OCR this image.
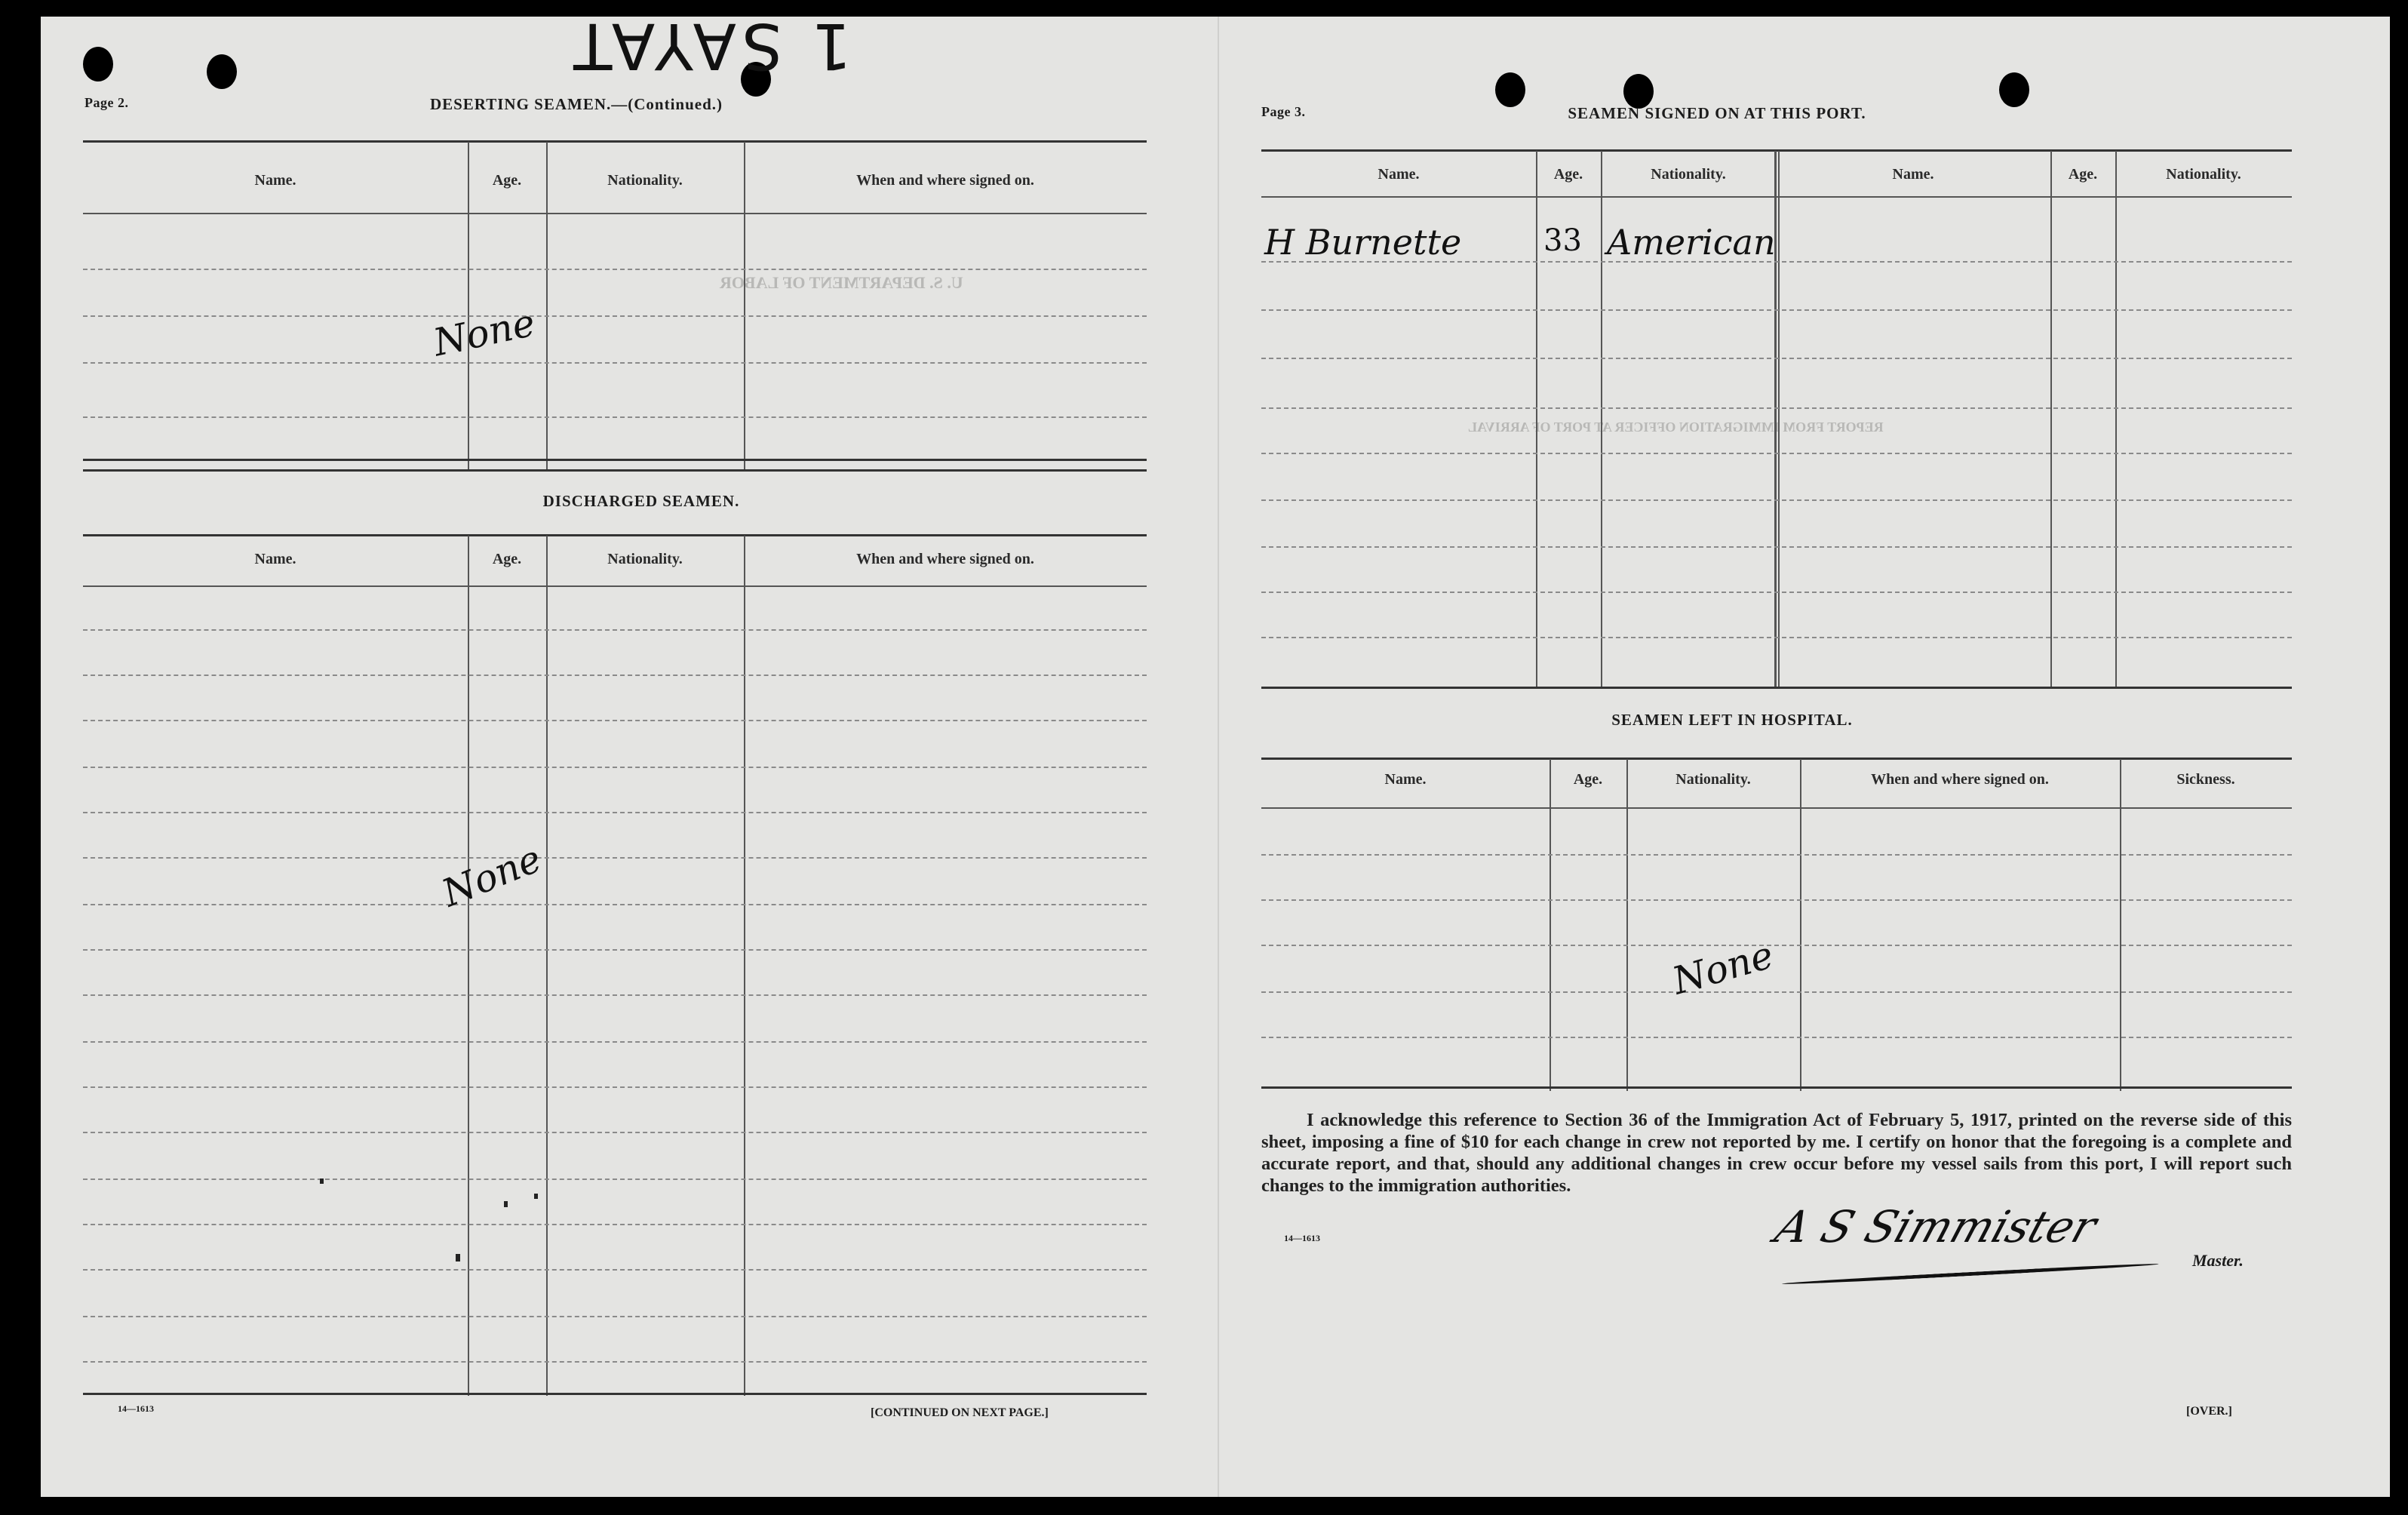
1 SAYAT
Page 2.	DESERTING SEAMEN.—(Continued.)
U. S. DEPARTMENT OF LABOR
Name.	Age.	Nationality.	When and where signed on.
None
DISCHARGED SEAMEN.
Name.	Age.	Nationality.	When and where signed on.
None
14—1613	[CONTINUED ON NEXT PAGE.]
Page 3.	SEAMEN SIGNED ON AT THIS PORT.
REPORT FROM IMMIGRATION OFFICER AT PORT OF ARRIVAL
Name.	Age.	Nationality.	Name.	Age.	Nationality.
H Burnette	33 American
SEAMEN LEFT IN HOSPITAL.
Name.	Age.	Nationality.	When and where signed on.	Sickness.
None
I acknowledge this reference to Section 36 of the Immigration Act of February 5, 1917, printed on the reverse side of this sheet, imposing a fine of $10 for each change in crew not reported by me. I certify on honor that the foregoing is a complete and accurate report, and that, should any additional changes in crew occur before my vessel sails from this port, I will report such changes to the immigration authorities.
14—1613	A S Simmister
Master.
[OVER.]
